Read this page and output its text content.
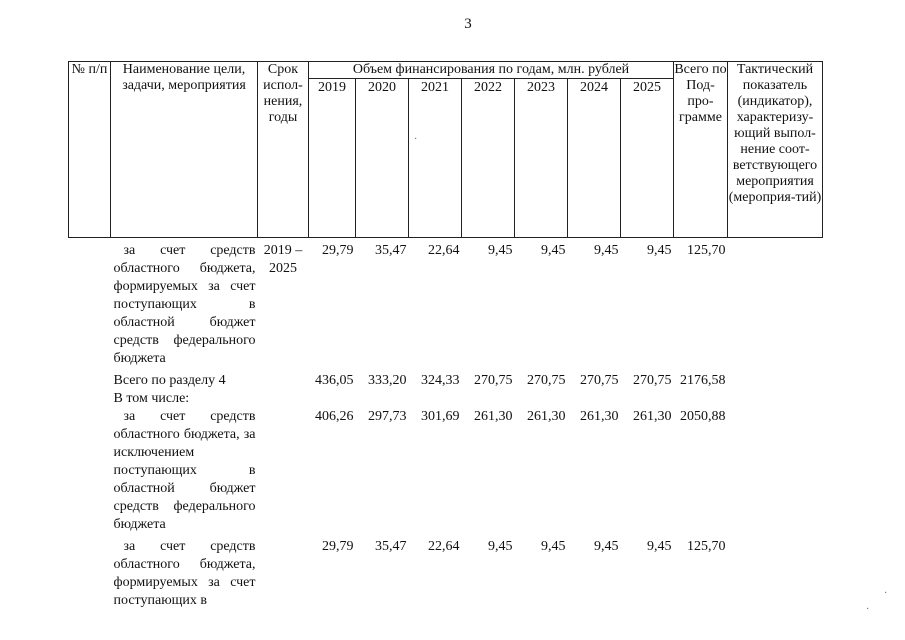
3
№ п/п	Наименование цели, задачи, мероприятия	Срок испол-нения, годы	Объем финансирования по годам, млн. рублей							Всего по Под-про-грамме	Тактический показатель (индикатор), характеризу-ющий выпол-нение соот-ветствующего мероприятия (мероприя-тий)
			2019	2020	2021	2022	2023	2024	2025		

	за счет средств областного бюджета, формируемых за счет поступающих в областной бюджет средств федерального бюджета	2019 – 2025	29,79	35,47	22,64	9,45	9,45	9,45	9,45	125,70	

	Всего по разделу 4		436,05	333,20	324,33	270,75	270,75	270,75	270,75	2176,58	
	В том числе:										
	за счет средств областного бюджета, за исключением поступающих в областной бюджет средств федерального бюджета		406,26	297,73	301,69	261,30	261,30	261,30	261,30	2050,88	

	за счет средств областного бюджета, формируемых за счет поступающих в		29,79	35,47	22,64	9,45	9,45	9,45	9,45	125,70	
·
·
·
